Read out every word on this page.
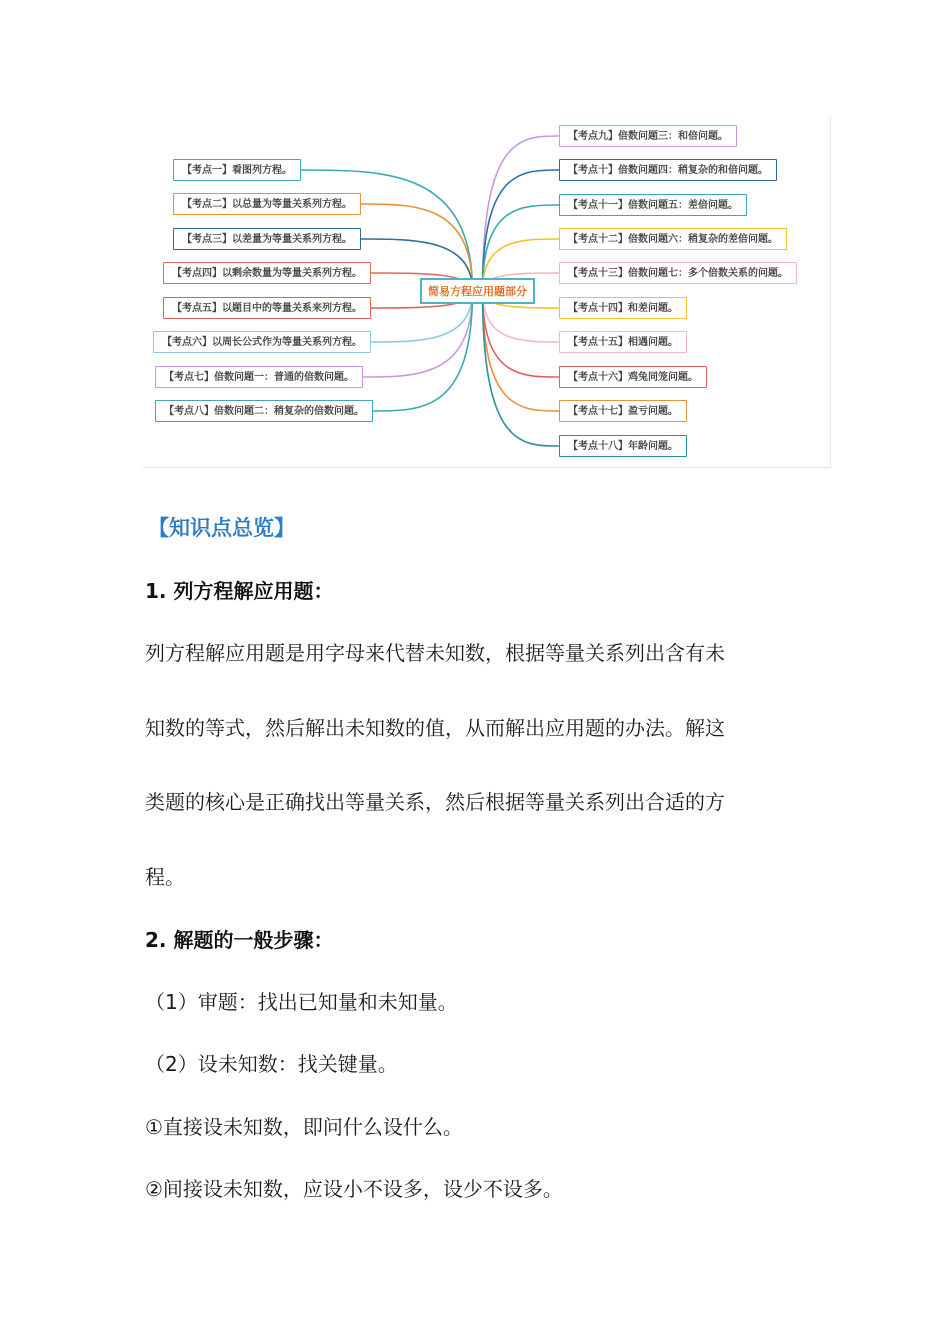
【考点一】看图列方程。
【考点二】以总量为等量关系列方程。
【考点三】以差量为等量关系列方程。
【考点四】以剩余数量为等量关系列方程。
【考点五】以题目中的等量关系来列方程。
【考点六】以周长公式作为等量关系列方程。
【考点七】倍数问题一：普通的倍数问题。
【考点八】倍数问题二：稍复杂的倍数问题。
简易方程应用题部分
【考点九】倍数问题三：和倍问题。
【考点十】倍数问题四：稍复杂的和倍问题。
【考点十一】倍数问题五：差倍问题。
【考点十二】倍数问题六：稍复杂的差倍问题。
【考点十三】倍数问题七：多个倍数关系的问题。
【考点十四】和差问题。
【考点十五】相遇问题。
【考点十六】鸡兔同笼问题。
【考点十七】盈亏问题。
【考点十八】年龄问题。
【知识点总览】
1. 列方程解应用题：
列方程解应用题是用字母来代替未知数，根据等量关系列出含有未
知数的等式，然后解出未知数的值，从而解出应用题的办法。解这
类题的核心是正确找出等量关系，然后根据等量关系列出合适的方
程。
2. 解题的一般步骤：
（1）审题：找出已知量和未知量。
（2）设未知数：找关键量。
①直接设未知数，即问什么设什么。
②间接设未知数，应设小不设多，设少不设多。
